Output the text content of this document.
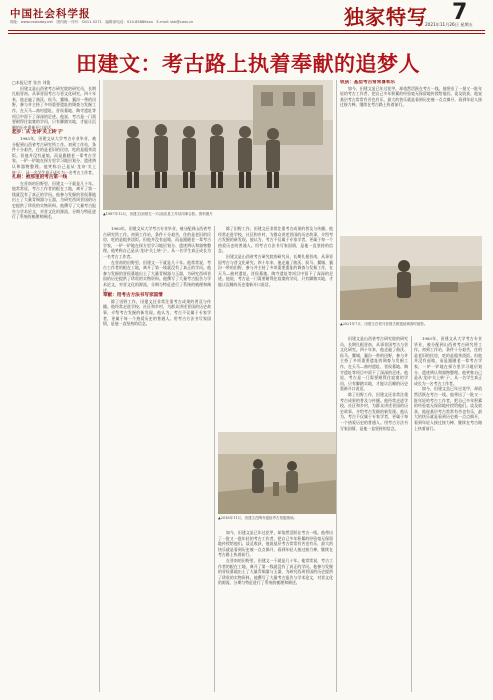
中国社会科学报
网址：www.csstoday.net　国内统一刊号：CN11-0271　编辑部电话：010-85886xxx　E-mail: skb@cass.cn	独家特写 7
2021年11月26日 星期五
田建文：考古路上执着奉献的追梦人

□本报记者 张杰 刘俊

田建文是山西省考古研究院的研究员，长期扎根晋南，从事晋国考古与晋文化研究。四十年来，他走遍了曲沃、侯马、翼城、襄汾一带的田野，参与并主持了多项重要遗址的调查与发掘工作，在天马—曲村遗址、晋侯墓地、陶寺遗址等项目中留下了深深的足迹。他说，考古是一门需要耐得住寂寞的学问，只有脚踏实地，才能让沉睡的历史重新开口说话。

起步：从'龙诗'关上转'子'

1983年，田建文从大学考古专业毕业，被分配到山西省考古研究所工作。初到工作站，条件十分艰苦，住的是老旧的民房，吃的是粗茶淡饭。但他并没有退缩，而是跟随老一辈考古学家，一铲一铲地在探方里学习地层划分、遗迹辨认和器物整理。他笑称自己是从'龙诗'关上转'子'，从一名学生真正成长为一名考古工作者。

扎根：被那里的考古第一线

在晋南的田野里，田建文一干就是几十年。他常常说，考古工作者的根在工地，离开了第一线就没有了真正的学问。他参与发掘的晋侯墓地出土了大量青铜器与玉器，为研究西周晋国的历史提供了珍贵的实物资料。他撰写了大量考古报告与学术论文，对晋文化的源流、分期与特征进行了系统的梳理和阐述。

▲1987年12月，田建文(前排左一)与曲沃县工作站同事合影。资料图片

收获：基层考古常常喜和乐

如今，田建文虽已年过花甲，却依然活跃在考古一线。他带出了一批又一批年轻的考古工作者，把自己多年积累的经验毫无保留地传授给他们。谈及收获，他说基层考古常常有苦也有乐，最大的快乐就是看到历史被一点点揭开，看到年轻人接过接力棒，继续在考古路上执着前行。

1983年，田建文从大学考古专业毕业，被分配到山西省考古研究所工作。初到工作站，条件十分艰苦，住的是老旧的民房，吃的是粗茶淡饭。但他并没有退缩，而是跟随老一辈考古学家，一铲一铲地在探方里学习地层划分、遗迹辨认和器物整理。他笑称自己是从'龙诗'关上转'子'，从一名学生真正成长为一名考古工作者。

在晋南的田野里，田建文一干就是几十年。他常常说，考古工作者的根在工地，离开了第一线就没有了真正的学问。他参与发掘的晋侯墓地出土了大量青铜器与玉器，为研究西周晋国的历史提供了珍贵的实物资料。他撰写了大量考古报告与学术论文，对晋文化的源流、分期与特征进行了系统的梳理和阐述。

奉献：用考古方法书写家国情

除了田野工作，田建文还非常注重考古成果的普及与传播。他经常走进学校、社区和乡村，为群众讲述晋国的历史故事，介绍考古发掘的新发现。他认为，考古不仅属于专家学者，更属于每一个热爱历史的普通人。用考古方法书写家国情，是他一直坚持的信念。

除了田野工作，田建文还非常注重考古成果的普及与传播。他经常走进学校、社区和乡村，为群众讲述晋国的历史故事，介绍考古发掘的新发现。他认为，考古不仅属于专家学者，更属于每一个热爱历史的普通人。用考古方法书写家国情，是他一直坚持的信念。

田建文是山西省考古研究院的研究员，长期扎根晋南，从事晋国考古与晋文化研究。四十年来，他走遍了曲沃、侯马、翼城、襄汾一带的田野，参与并主持了多项重要遗址的调查与发掘工作，在天马—曲村遗址、晋侯墓地、陶寺遗址等项目中留下了深深的足迹。他说，考古是一门需要耐得住寂寞的学问，只有脚踏实地，才能让沉睡的历史重新开口说话。

▲2016年11月，田建文在陶寺遗址考古发掘现场。

如今，田建文虽已年过花甲，却依然活跃在考古一线。他带出了一批又一批年轻的考古工作者，把自己多年积累的经验毫无保留地传授给他们。谈及收获，他说基层考古常常有苦也有乐，最大的快乐就是看到历史被一点点揭开，看到年轻人接过接力棒，继续在考古路上执着前行。

在晋南的田野里，田建文一干就是几十年。他常常说，考古工作者的根在工地，离开了第一线就没有了真正的学问。他参与发掘的晋侯墓地出土了大量青铜器与玉器，为研究西周晋国的历史提供了珍贵的实物资料。他撰写了大量考古报告与学术论文，对晋文化的源流、分期与特征进行了系统的梳理和阐述。

▲2021年7月，田建文在侯马晋国古都遗址调查时留影。

田建文是山西省考古研究院的研究员，长期扎根晋南，从事晋国考古与晋文化研究。四十年来，他走遍了曲沃、侯马、翼城、襄汾一带的田野，参与并主持了多项重要遗址的调查与发掘工作，在天马—曲村遗址、晋侯墓地、陶寺遗址等项目中留下了深深的足迹。他说，考古是一门需要耐得住寂寞的学问，只有脚踏实地，才能让沉睡的历史重新开口说话。

除了田野工作，田建文还非常注重考古成果的普及与传播。他经常走进学校、社区和乡村，为群众讲述晋国的历史故事，介绍考古发掘的新发现。他认为，考古不仅属于专家学者，更属于每一个热爱历史的普通人。用考古方法书写家国情，是他一直坚持的信念。

1983年，田建文从大学考古专业毕业，被分配到山西省考古研究所工作。初到工作站，条件十分艰苦，住的是老旧的民房，吃的是粗茶淡饭。但他并没有退缩，而是跟随老一辈考古学家，一铲一铲地在探方里学习地层划分、遗迹辨认和器物整理。他笑称自己是从'龙诗'关上转'子'，从一名学生真正成长为一名考古工作者。

如今，田建文虽已年过花甲，却依然活跃在考古一线。他带出了一批又一批年轻的考古工作者，把自己多年积累的经验毫无保留地传授给他们。谈及收获，他说基层考古常常有苦也有乐，最大的快乐就是看到历史被一点点揭开，看到年轻人接过接力棒，继续在考古路上执着前行。
